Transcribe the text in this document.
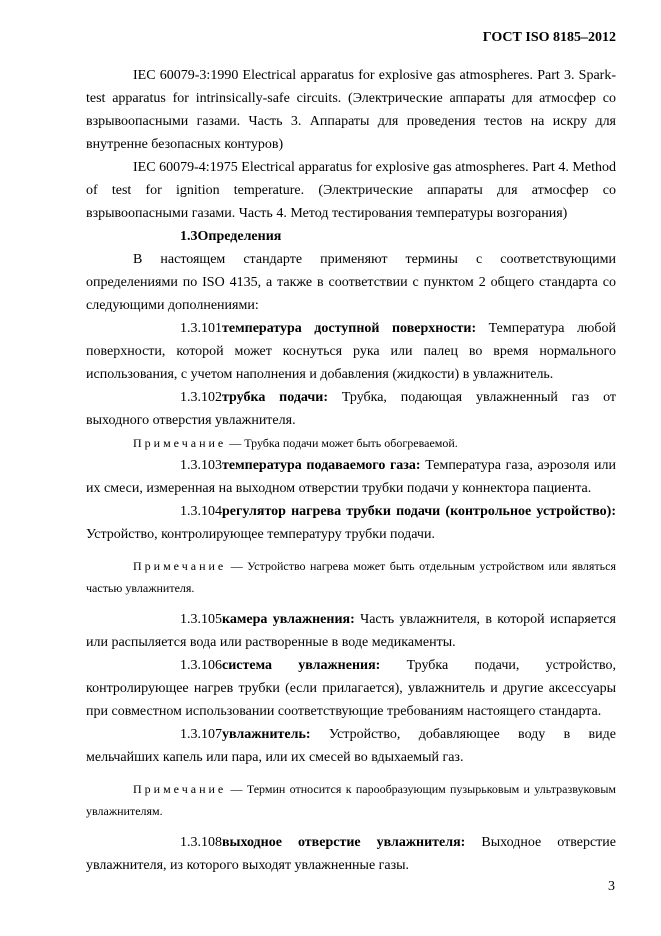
ГОСТ ISO 8185–2012

IEC 60079-3:1990 Electrical apparatus for explosive gas atmospheres. Part 3. Spark-test apparatus for intrinsically-safe circuits. (Электрические аппараты для атмосфер со взрывоопасными газами. Часть 3. Аппараты для проведения тестов на искру для внутренне безопасных контуров)

IEC 60079-4:1975 Electrical apparatus for explosive gas atmospheres. Part 4. Method of test for ignition temperature. (Электрические аппараты для атмосфер со взрывоопасными газами. Часть 4. Метод тестирования температуры возгорания)

1.3Определения

В настоящем стандарте применяют термины с соответствующими определениями по ISO 4135, а также в соответствии с пунктом 2 общего стандарта со следующими дополнениями:

1.3.101температура доступной поверхности: Температура любой поверхности, которой может коснуться рука или палец во время нормального использования, с учетом наполнения и добавления (жидкости) в увлажнитель.

1.3.102трубка подачи: Трубка, подающая увлажненный газ от выходного отверстия увлажнителя.

Примечание — Трубка подачи может быть обогреваемой.

1.3.103температура подаваемого газа: Температура газа, аэрозоля или их смеси, измеренная на выходном отверстии трубки подачи у коннектора пациента.

1.3.104регулятор нагрева трубки подачи (контрольное устройство): Устройство, контролирующее температуру трубки подачи.

Примечание — Устройство нагрева может быть отдельным устройством или являться частью увлажнителя.

1.3.105камера увлажнения: Часть увлажнителя, в которой испаряется или распыляется вода или растворенные в воде медикаменты.

1.3.106система увлажнения: Трубка подачи, устройство, контролирующее нагрев трубки (если прилагается), увлажнитель и другие аксессуары при совместном использовании соответствующие требованиям настоящего стандарта.

1.3.107увлажнитель: Устройство, добавляющее воду в виде мельчайших капель или пара, или их смесей во вдыхаемый газ.

Примечание — Термин относится к парообразующим пузырьковым и ультразвуковым увлажнителям.

1.3.108выходное отверстие увлажнителя: Выходное отверстие увлажнителя, из которого выходят увлажненные газы.

3
